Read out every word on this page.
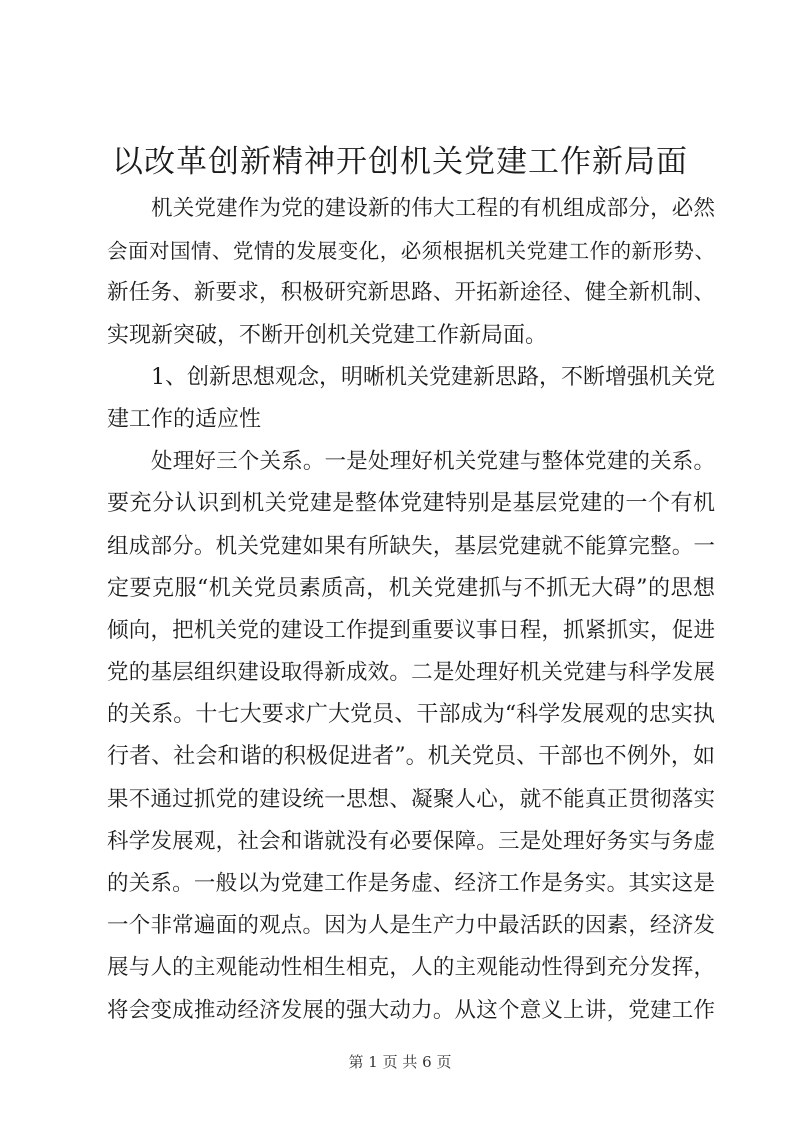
以改革创新精神开创机关党建工作新局面
机关党建作为党的建设新的伟大工程的有机组成部分，必然
会面对国情、党情的发展变化，必须根据机关党建工作的新形势、
新任务、新要求，积极研究新思路、开拓新途径、健全新机制、
实现新突破，不断开创机关党建工作新局面。
1、创新思想观念，明晰机关党建新思路，不断增强机关党
建工作的适应性
处理好三个关系。一是处理好机关党建与整体党建的关系。
要充分认识到机关党建是整体党建特别是基层党建的一个有机
组成部分。机关党建如果有所缺失，基层党建就不能算完整。一
定要克服“机关党员素质高，机关党建抓与不抓无大碍”的思想
倾向，把机关党的建设工作提到重要议事日程，抓紧抓实，促进
党的基层组织建设取得新成效。二是处理好机关党建与科学发展
的关系。十七大要求广大党员、干部成为“科学发展观的忠实执
行者、社会和谐的积极促进者”。机关党员、干部也不例外，如
果不通过抓党的建设统一思想、凝聚人心，就不能真正贯彻落实
科学发展观，社会和谐就没有必要保障。三是处理好务实与务虚
的关系。一般以为党建工作是务虚、经济工作是务实。其实这是
一个非常遍面的观点。因为人是生产力中最活跃的因素，经济发
展与人的主观能动性相生相克，人的主观能动性得到充分发挥，
将会变成推动经济发展的强大动力。从这个意义上讲，党建工作
第 1 页 共 6 页
